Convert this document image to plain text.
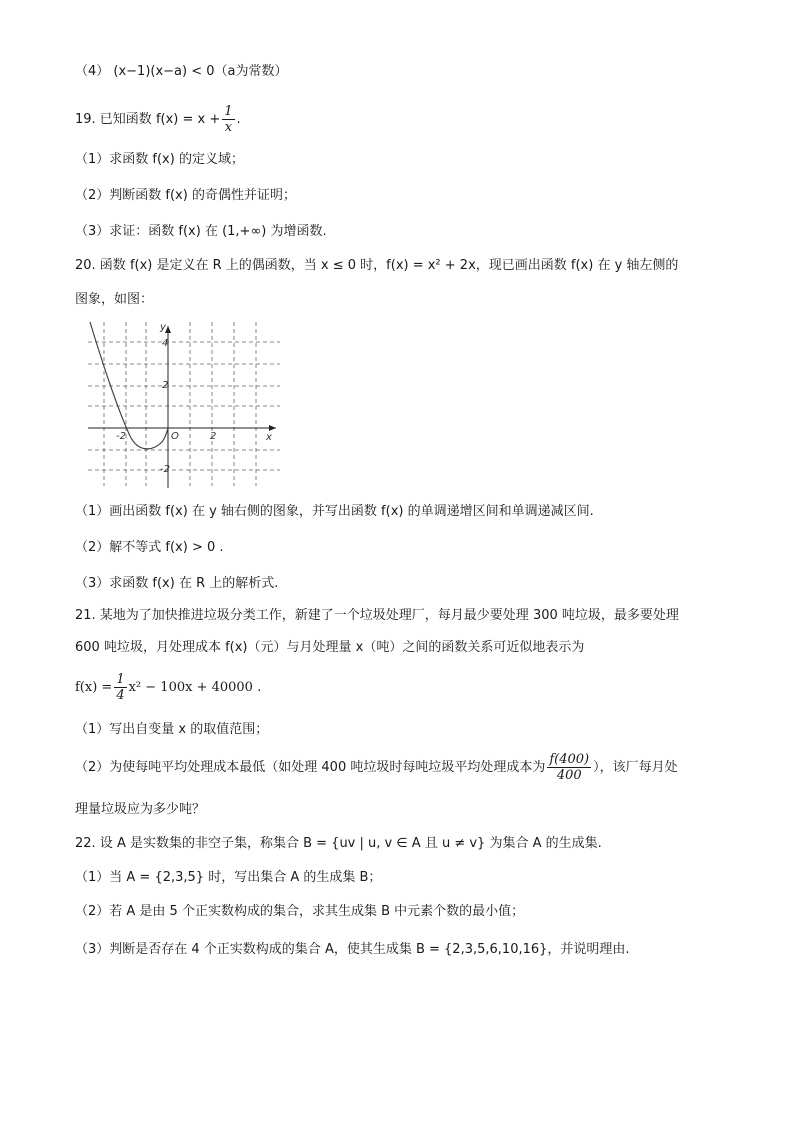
（4） (x−1)(x−a) < 0（a为常数）
19. 已知函数 $f(x) = x + \frac{1}{x}$ .
（1）求函数 f(x) 的定义域；
（2）判断函数 f(x) 的奇偶性并证明；
（3）求证：函数 f(x) 在 (1,+∞) 为增函数.
20. 函数 f(x) 是定义在 R 上的偶函数，当 x ≤ 0 时，f(x) = x² + 2x，现已画出函数 f(x) 在 y 轴左侧的
图象，如图：
y
x
O
-2	2
4
2
-2
（1）画出函数 f(x) 在 y 轴右侧的图象，并写出函数 f(x) 的单调递增区间和单调递减区间.
（2）解不等式 f(x) > 0 .
（3）求函数 f(x) 在 R 上的解析式.
21. 某地为了加快推进垃圾分类工作，新建了一个垃圾处理厂，每月最少要处理 300 吨垃圾，最多要处理
600 吨垃圾，月处理成本 f(x)（元）与月处理量 x（吨）之间的函数关系可近似地表示为
$f(x) = \frac{1}{4} x^2 - 100x + 40000$ .
（1）写出自变量 x 的取值范围；
（2）为使每吨平均处理成本最低（如处理 400 吨垃圾时每吨垃圾平均处理成本为 $\frac{f(400)}{400}$ ），该厂每月处
理量垃圾应为多少吨？
22. 设 A 是实数集的非空子集，称集合 B = {uv | u, v ∈ A 且 u ≠ v} 为集合 A 的生成集.
（1）当 A = {2,3,5} 时，写出集合 A 的生成集 B；
（2）若 A 是由 5 个正实数构成的集合，求其生成集 B 中元素个数的最小值；
（3）判断是否存在 4 个正实数构成的集合 A，使其生成集 B = {2,3,5,6,10,16}，并说明理由.
